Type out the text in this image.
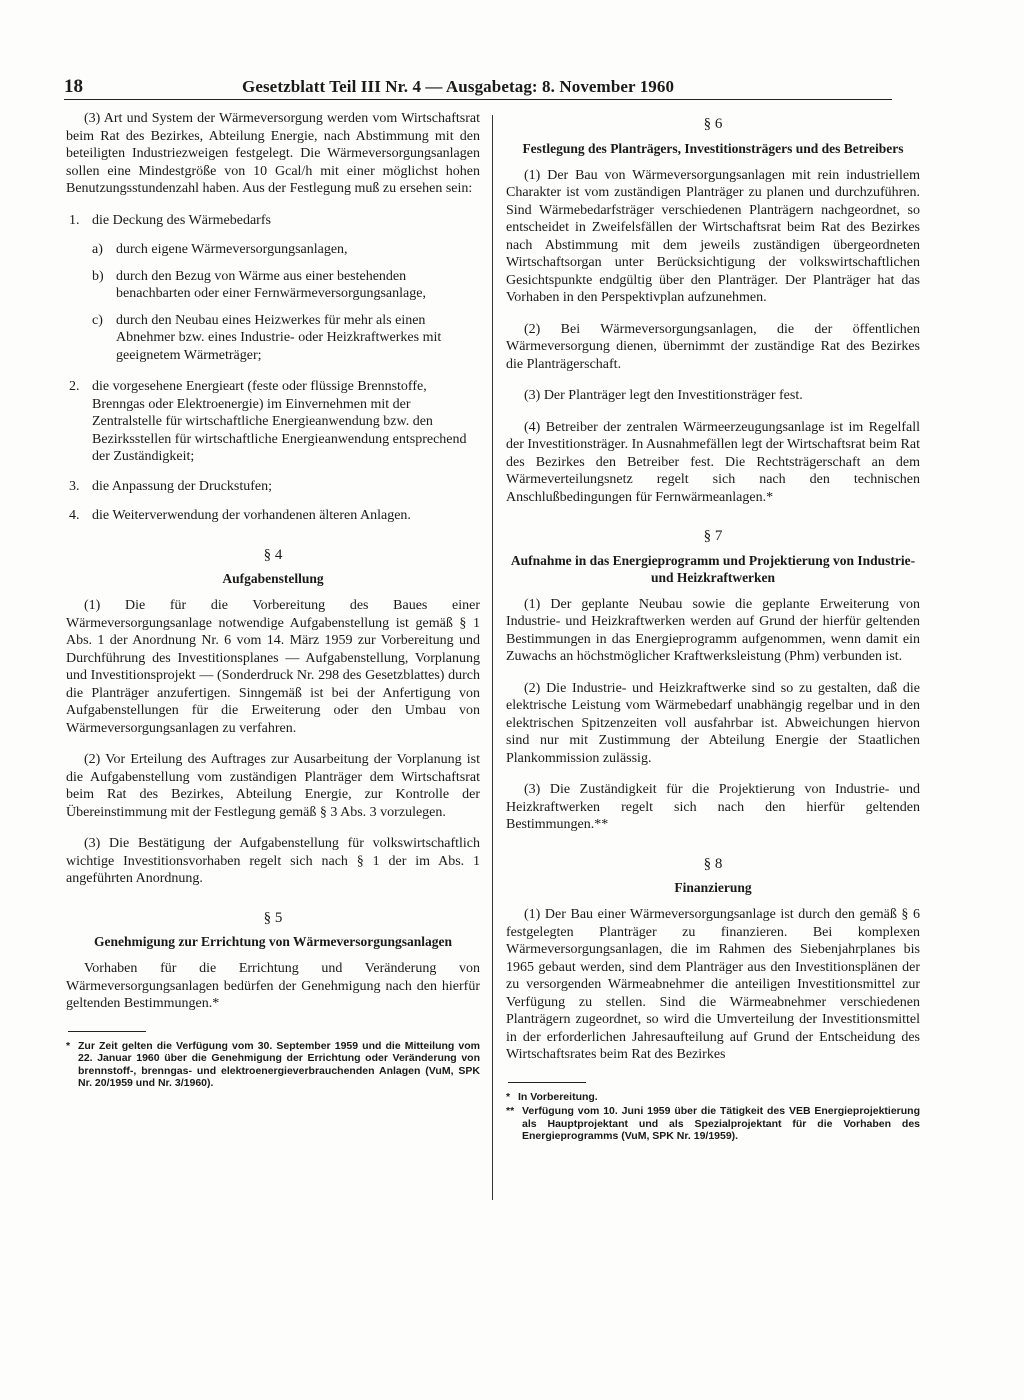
18	Gesetzblatt Teil III Nr. 4 — Ausgabetag: 8. November 1960

(3) Art und System der Wärmeversorgung werden vom Wirtschaftsrat beim Rat des Bezirkes, Abteilung Energie, nach Abstimmung mit den beteiligten Industriezweigen festgelegt. Die Wärmeversorgungsanlagen sollen eine Mindestgröße von 10 Gcal/h mit einer möglichst hohen Benutzungsstundenzahl haben. Aus der Festlegung muß zu ersehen sein:

1. die Deckung des Wärmebedarfs
a) durch eigene Wärmeversorgungsanlagen,
b) durch den Bezug von Wärme aus einer bestehenden benachbarten oder einer Fernwärmeversorgungsanlage,
c) durch den Neubau eines Heizwerkes für mehr als einen Abnehmer bzw. eines Industrie- oder Heizkraftwerkes mit geeignetem Wärmeträger;
2. die vorgesehene Energieart (feste oder flüssige Brennstoffe, Brenngas oder Elektroenergie) im Einvernehmen mit der Zentralstelle für wirtschaftliche Energieanwendung bzw. den Bezirksstellen für wirtschaftliche Energieanwendung entsprechend der Zuständigkeit;
3. die Anpassung der Druckstufen;
4. die Weiterverwendung der vorhandenen älteren Anlagen.
§ 4
Aufgabenstellung

(1) Die für die Vorbereitung des Baues einer Wärmeversorgungsanlage notwendige Aufgabenstellung ist gemäß § 1 Abs. 1 der Anordnung Nr. 6 vom 14. März 1959 zur Vorbereitung und Durchführung des Investitionsplanes — Aufgabenstellung, Vorplanung und Investitionsprojekt — (Sonderdruck Nr. 298 des Gesetzblattes) durch die Planträger anzufertigen. Sinngemäß ist bei der Anfertigung von Aufgabenstellungen für die Erweiterung oder den Umbau von Wärmeversorgungsanlagen zu verfahren.

(2) Vor Erteilung des Auftrages zur Ausarbeitung der Vorplanung ist die Aufgabenstellung vom zuständigen Planträger dem Wirtschaftsrat beim Rat des Bezirkes, Abteilung Energie, zur Kontrolle der Übereinstimmung mit der Festlegung gemäß § 3 Abs. 3 vorzulegen.

(3) Die Bestätigung der Aufgabenstellung für volkswirtschaftlich wichtige Investitionsvorhaben regelt sich nach § 1 der im Abs. 1 angeführten Anordnung.

§ 5
Genehmigung zur Errichtung von Wärmeversorgungsanlagen

Vorhaben für die Errichtung und Veränderung von Wärmeversorgungsanlagen bedürfen der Genehmigung nach den hierfür geltenden Bestimmungen.*

* Zur Zeit gelten die Verfügung vom 30. September 1959 und die Mitteilung vom 22. Januar 1960 über die Genehmigung der Errichtung oder Veränderung von brennstoff-, brenngas- und elektroenergieverbrauchenden Anlagen (VuM, SPK Nr. 20/1959 und Nr. 3/1960).
§ 6
Festlegung des Planträgers, Investitionsträgers und des Betreibers

(1) Der Bau von Wärmeversorgungsanlagen mit rein industriellem Charakter ist vom zuständigen Planträger zu planen und durchzuführen. Sind Wärmebedarfsträger verschiedenen Planträgern nachgeordnet, so entscheidet in Zweifelsfällen der Wirtschaftsrat beim Rat des Bezirkes nach Abstimmung mit dem jeweils zuständigen übergeordneten Wirtschaftsorgan unter Berücksichtigung der volkswirtschaftlichen Gesichtspunkte endgültig über den Planträger. Der Planträger hat das Vorhaben in den Perspektivplan aufzunehmen.

(2) Bei Wärmeversorgungsanlagen, die der öffentlichen Wärmeversorgung dienen, übernimmt der zuständige Rat des Bezirkes die Planträgerschaft.

(3) Der Planträger legt den Investitionsträger fest.

(4) Betreiber der zentralen Wärmeerzeugungsanlage ist im Regelfall der Investitionsträger. In Ausnahmefällen legt der Wirtschaftsrat beim Rat des Bezirkes den Betreiber fest. Die Rechtsträgerschaft an dem Wärmeverteilungsnetz regelt sich nach den technischen Anschlußbedingungen für Fernwärmeanlagen.*

§ 7
Aufnahme in das Energieprogramm und Projektierung von Industrie- und Heizkraftwerken

(1) Der geplante Neubau sowie die geplante Erweiterung von Industrie- und Heizkraftwerken werden auf Grund der hierfür geltenden Bestimmungen in das Energieprogramm aufgenommen, wenn damit ein Zuwachs an höchstmöglicher Kraftwerksleistung (Phm) verbunden ist.

(2) Die Industrie- und Heizkraftwerke sind so zu gestalten, daß die elektrische Leistung vom Wärmebedarf unabhängig regelbar und in den elektrischen Spitzenzeiten voll ausfahrbar ist. Abweichungen hiervon sind nur mit Zustimmung der Abteilung Energie der Staatlichen Plankommission zulässig.

(3) Die Zuständigkeit für die Projektierung von Industrie- und Heizkraftwerken regelt sich nach den hierfür geltenden Bestimmungen.**

§ 8
Finanzierung

(1) Der Bau einer Wärmeversorgungsanlage ist durch den gemäß § 6 festgelegten Planträger zu finanzieren. Bei komplexen Wärmeversorgungsanlagen, die im Rahmen des Siebenjahrplanes bis 1965 gebaut werden, sind dem Planträger aus den Investitionsplänen der zu versorgenden Wärmeabnehmer die anteiligen Investitionsmittel zur Verfügung zu stellen. Sind die Wärmeabnehmer verschiedenen Planträgern zugeordnet, so wird die Umverteilung der Investitionsmittel in der erforderlichen Jahresaufteilung auf Grund der Entscheidung des Wirtschaftsrates beim Rat des Bezirkes

* In Vorbereitung.
** Verfügung vom 10. Juni 1959 über die Tätigkeit des VEB Energieprojektierung als Hauptprojektant und als Spezialprojektant für die Vorhaben des Energieprogramms (VuM, SPK Nr. 19/1959).
